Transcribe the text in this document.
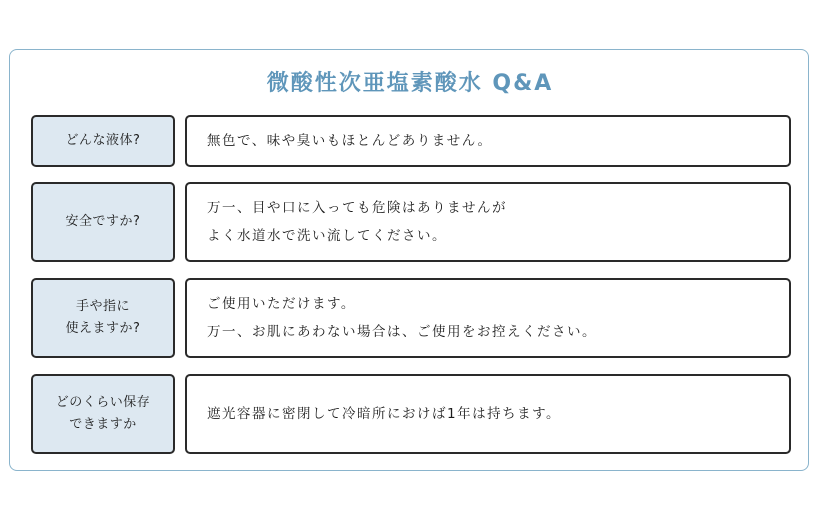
微酸性次亜塩素酸水 Q&A
どんな液体?	無色で、味や臭いもほとんどありません。
安全ですか?
万一、目や口に入っても危険はありませんが
よく水道水で洗い流してください。
手や指に
使えますか?
ご使用いただけます。
万一、お肌にあわない場合は、ご使用をお控えください。
どのくらい保存
できますか
遮光容器に密閉して冷暗所におけば1年は持ちます。
